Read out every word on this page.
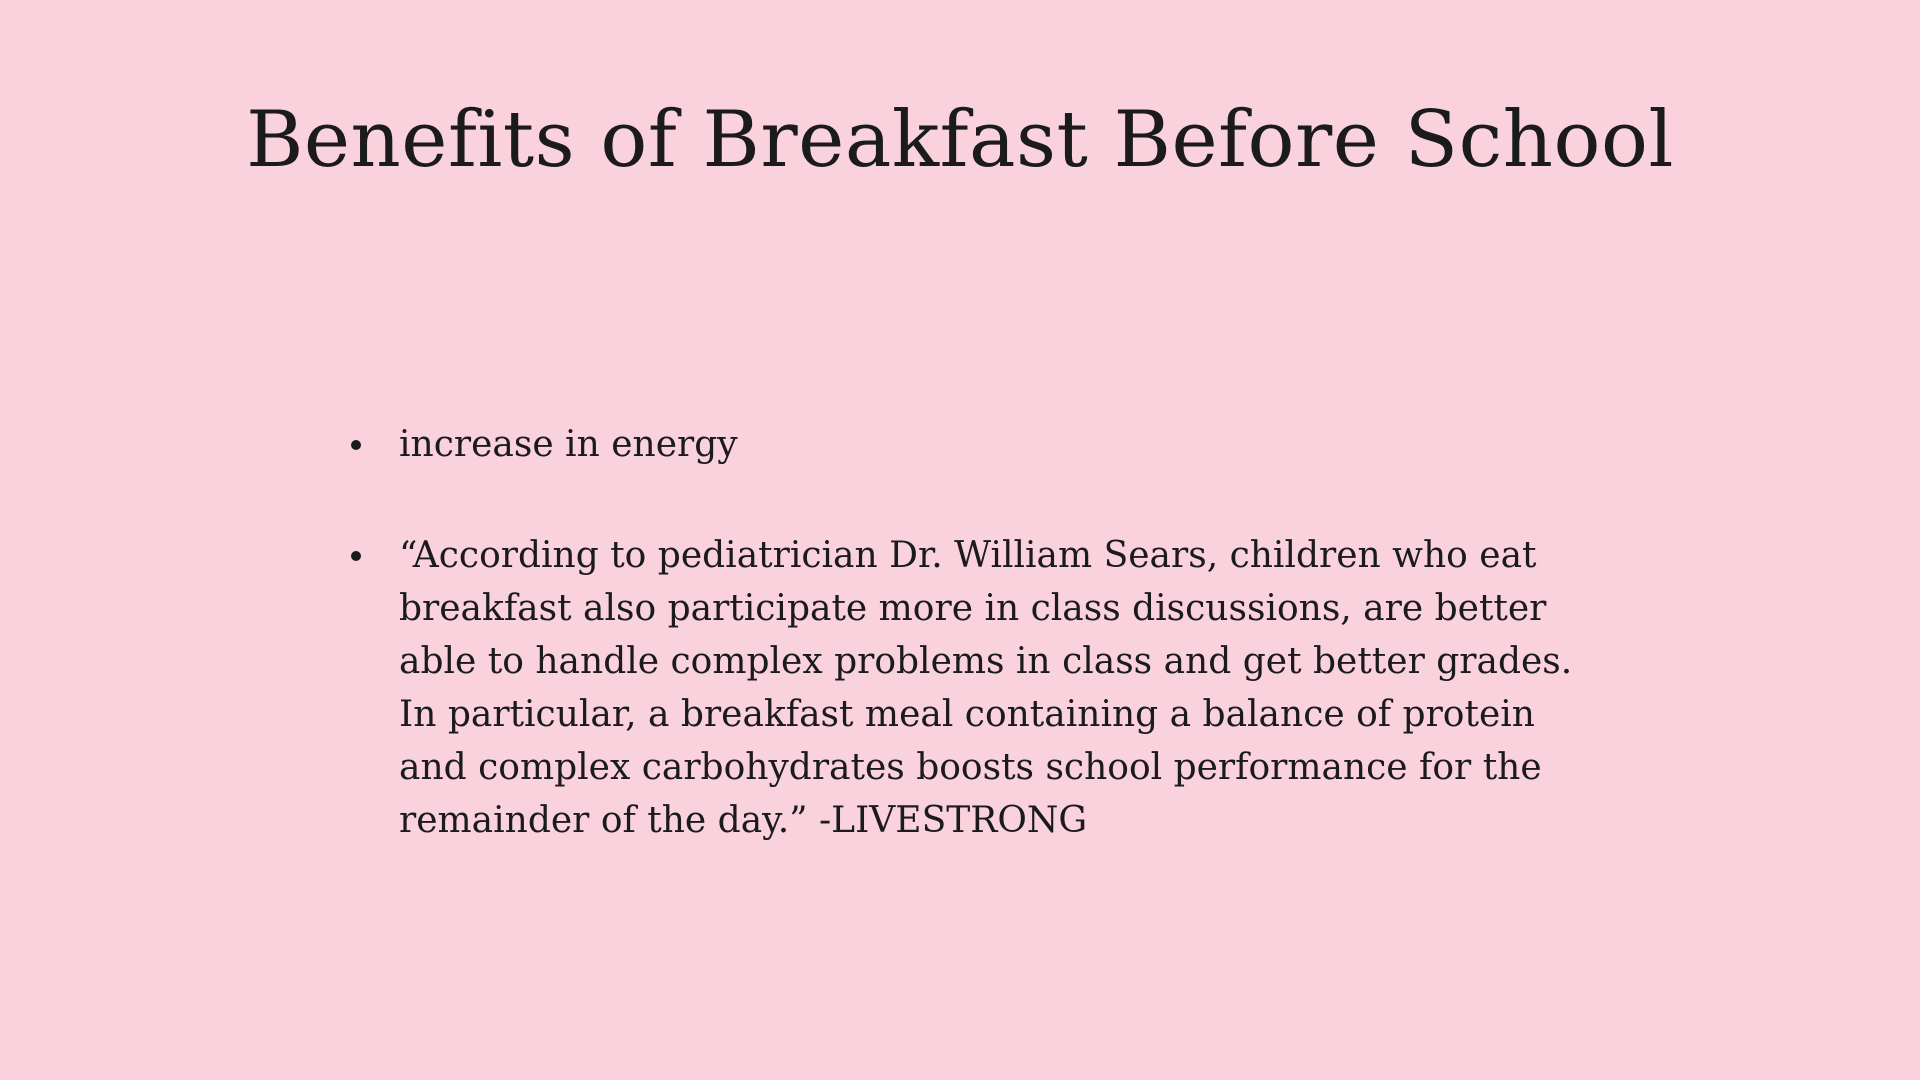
Benefits of Breakfast Before School
increase in energy
“According to pediatrician Dr. William Sears, children who eat breakfast also participate more in class discussions, are better able to handle complex problems in class and get better grades. In particular, a breakfast meal containing a balance of protein and complex carbohydrates boosts school performance for the remainder of the day.” -LIVESTRONG
